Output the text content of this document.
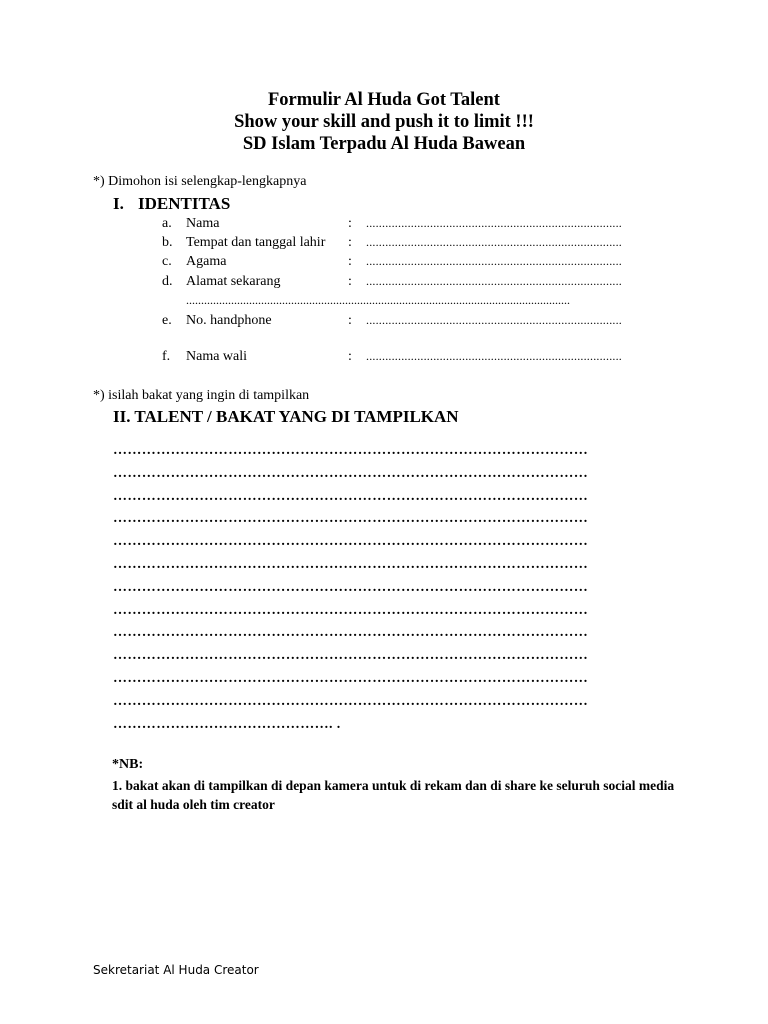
Formulir Al Huda Got Talent
Show your skill and push it to limit !!!
SD Islam Terpadu Al Huda Bawean
*) Dimohon isi selengkap-lengkapnya
I. IDENTITAS
a. Nama	: ................................................................................
b. Tempat dan tanggal lahir : ................................................................................
c. Agama	: ................................................................................
d. Alamat sekarang	: ................................................................................
................................................................................................................................
e. No. handphone	: ................................................................................
f. Nama wali	: ................................................................................
*) isilah bakat yang ingin di tampilkan
II. TALENT / BAKAT YANG DI TAMPILKAN
………………………………………………………………………………………
………………………………………………………………………………………
………………………………………………………………………………………
………………………………………………………………………………………
………………………………………………………………………………………
………………………………………………………………………………………
………………………………………………………………………………………
………………………………………………………………………………………
………………………………………………………………………………………
………………………………………………………………………………………
………………………………………………………………………………………
………………………………………………………………………………………
………………………………………. .
*NB:
1. bakat akan di tampilkan di depan kamera untuk di rekam dan di share ke seluruh social media sdit al huda oleh tim creator
Sekretariat Al Huda Creator
